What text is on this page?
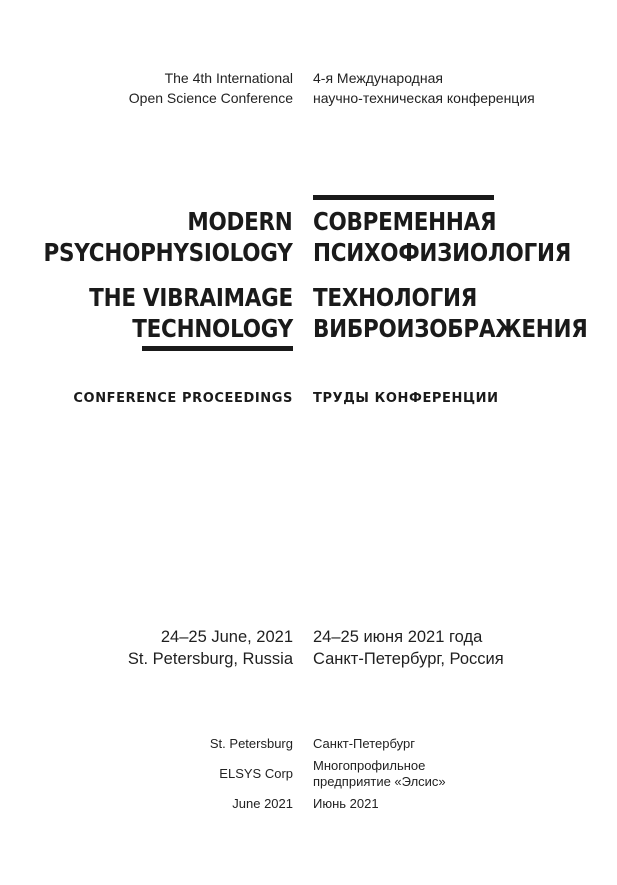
The 4th International
Open Science Conference
4-я Международная
научно-техническая конференция
MODERN
PSYCHOPHYSIOLOGY
СОВРЕМЕННАЯ
ПСИХОФИЗИОЛОГИЯ
THE VIBRAIMAGE
TECHNOLOGY
ТЕХНОЛОГИЯ
ВИБРОИЗОБРАЖЕНИЯ
CONFERENCE PROCEEDINGS ТРУДЫ КОНФЕРЕНЦИИ
24–25 June, 2021
St. Petersburg, Russia
24–25 июня 2021 года
Санкт-Петербург, Россия
St. Petersburg
ELSYS Corp
June 2021
Санкт-Петербург
Многопрофильное
предприятие «Элсис»
Июнь 2021
